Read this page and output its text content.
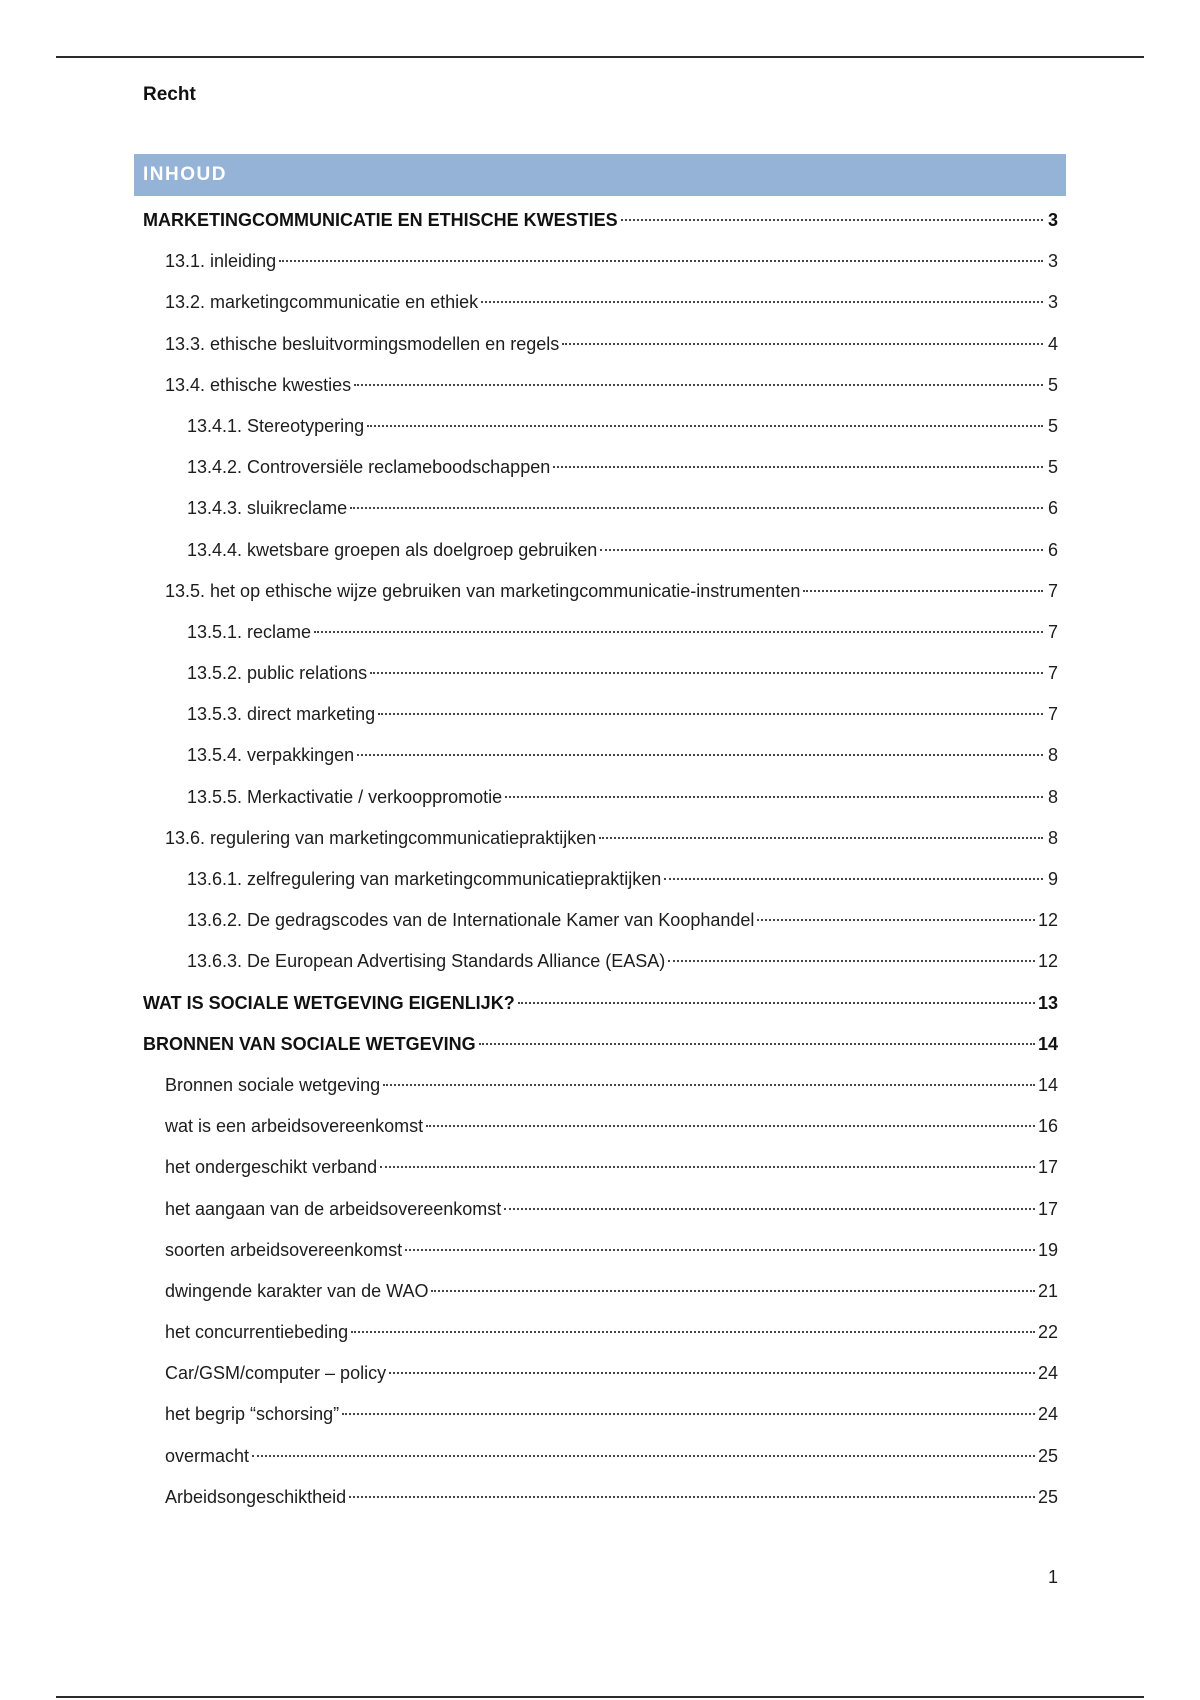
Recht
INHOUD
MARKETINGCOMMUNICATIE EN ETHISCHE KWESTIES	3
13.1. inleiding	3
13.2. marketingcommunicatie en ethiek	3
13.3. ethische besluitvormingsmodellen en regels	4
13.4. ethische kwesties	5
13.4.1. Stereotypering	5
13.4.2. Controversiële reclameboodschappen	5
13.4.3. sluikreclame	6
13.4.4. kwetsbare groepen als doelgroep gebruiken	6
13.5. het op ethische wijze gebruiken van marketingcommunicatie-instrumenten	7
13.5.1. reclame	7
13.5.2. public relations	7
13.5.3. direct marketing	7
13.5.4. verpakkingen	8
13.5.5. Merkactivatie / verkooppromotie	8
13.6. regulering van marketingcommunicatiepraktijken	8
13.6.1. zelfregulering van marketingcommunicatiepraktijken	9
13.6.2. De gedragscodes van de Internationale Kamer van Koophandel	12
13.6.3. De European Advertising Standards Alliance (EASA)	12
WAT IS SOCIALE WETGEVING EIGENLIJK?	13
BRONNEN VAN SOCIALE WETGEVING	14
Bronnen sociale wetgeving	14
wat is een arbeidsovereenkomst	16
het ondergeschikt verband	17
het aangaan van de arbeidsovereenkomst	17
soorten arbeidsovereenkomst	19
dwingende karakter van de WAO	21
het concurrentiebeding	22
Car/GSM/computer – policy	24
het begrip “schorsing”	24
overmacht	25
Arbeidsongeschiktheid	25
1
